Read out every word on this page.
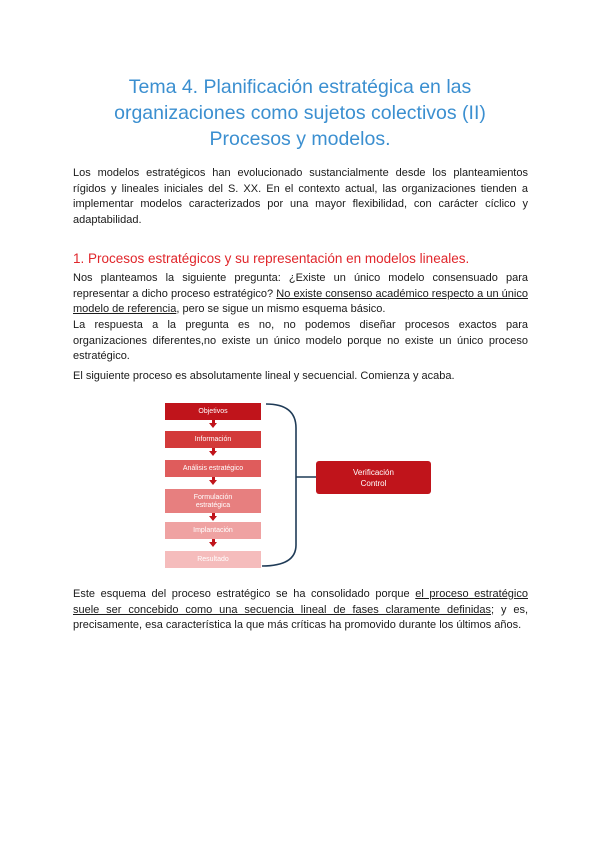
Tema 4. Planificación estratégica en las
organizaciones como sujetos colectivos (II)
Procesos y modelos.

Los modelos estratégicos han evolucionado sustancialmente desde los planteamientos rígidos y lineales iniciales del S. XX. En el contexto actual, las organizaciones tienden a implementar modelos caracterizados por una mayor flexibilidad, con carácter cíclico y adaptabilidad.

1. Procesos estratégicos y su representación en modelos lineales.

Nos planteamos la siguiente pregunta: ¿Existe un único modelo consensuado para representar a dicho proceso estratégico? No existe consenso académico respecto a un único modelo de referencia, pero se sigue un mismo esquema básico.

La respuesta a la pregunta es no, no podemos diseñar procesos exactos para organizaciones diferentes,no existe un único modelo porque no existe un único proceso estratégico.

El siguiente proceso es absolutamente lineal y secuencial. Comienza y acaba.

Objetivos
Información
Análisis estratégico
Formulación estratégica
Implantación
Resultado
Verificación
Control

Este esquema del proceso estratégico se ha consolidado porque el proceso estratégico suele ser concebido como una secuencia lineal de fases claramente definidas; y es, precisamente, esa característica la que más críticas ha promovido durante los últimos años.
